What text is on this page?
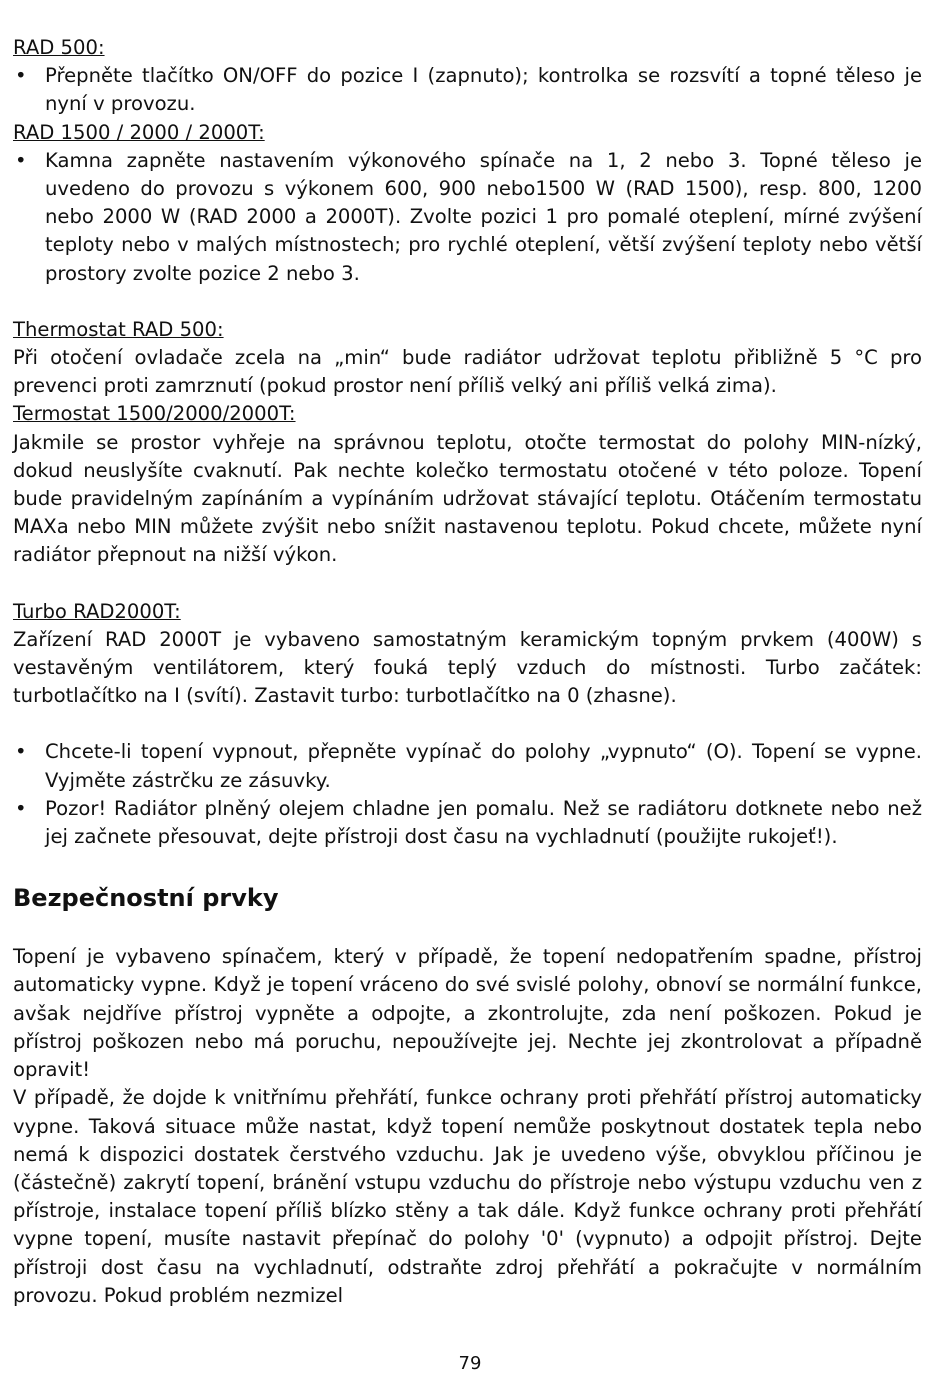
RAD 500:

• Přepněte tlačítko ON/OFF do pozice I (zapnuto); kontrolka se rozsvítí a topné těleso je nyní v provozu.

RAD 1500 / 2000 / 2000T:

• Kamna zapněte nastavením výkonového spínače na 1, 2 nebo 3. Topné těleso je uvedeno do provozu s výkonem 600, 900 nebo1500 W (RAD 1500), resp. 800, 1200 nebo 2000 W (RAD 2000 a 2000T). Zvolte pozici 1 pro pomalé oteplení, mírné zvýšení teploty nebo v malých místnostech; pro rychlé oteplení, větší zvýšení teploty nebo větší prostory zvolte pozice 2 nebo 3.

Thermostat RAD 500:

Při otočení ovladače zcela na „min“ bude radiátor udržovat teplotu přibližně 5 °C pro prevenci proti zamrznutí (pokud prostor není příliš velký ani příliš velká zima).

Termostat 1500/2000/2000T:

Jakmile se prostor vyhřeje na správnou teplotu, otočte termostat do polohy MIN-nízký, dokud neuslyšíte cvaknutí. Pak nechte kolečko termostatu otočené v této poloze. Topení bude pravidelným zapínáním a vypínáním udržovat stávající teplotu. Otáčením termostatu MAXa nebo MIN můžete zvýšit nebo snížit nastavenou teplotu. Pokud chcete, můžete nyní radiátor přepnout na nižší výkon.

Turbo RAD2000T:

Zařízení RAD 2000T je vybaveno samostatným keramickým topným prvkem (400W) s vestavěným ventilátorem, který fouká teplý vzduch do místnosti. Turbo začátek: turbotlačítko na I (svítí). Zastavit turbo: turbotlačítko na 0 (zhasne).

• Chcete-li topení vypnout, přepněte vypínač do polohy „vypnuto“ (O). Topení se vypne. Vyjměte zástrčku ze zásuvky.
• Pozor! Radiátor plněný olejem chladne jen pomalu. Než se radiátoru dotknete nebo než jej začnete přesouvat, dejte přístroji dost času na vychladnutí (použijte rukojeť!).
Bezpečnostní prvky

Topení je vybaveno spínačem, který v případě, že topení nedopatřením spadne, přístroj automaticky vypne. Když je topení vráceno do své svislé polohy, obnoví se normální funkce, avšak nejdříve přístroj vypněte a odpojte, a zkontrolujte, zda není poškozen. Pokud je přístroj poškozen nebo má poruchu, nepoužívejte jej. Nechte jej zkontrolovat a případně opravit!

V případě, že dojde k vnitřnímu přehřátí, funkce ochrany proti přehřátí přístroj automaticky vypne. Taková situace může nastat, když topení nemůže poskytnout dostatek tepla nebo nemá k dispozici dostatek čerstvého vzduchu. Jak je uvedeno výše, obvyklou příčinou je (částečně) zakrytí topení, bránění vstupu vzduchu do přístroje nebo výstupu vzduchu ven z přístroje, instalace topení příliš blízko stěny a tak dále. Když funkce ochrany proti přehřátí vypne topení, musíte nastavit přepínač do polohy '0' (vypnuto) a odpojit přístroj. Dejte přístroji dost času na vychladnutí, odstraňte zdroj přehřátí a pokračujte v normálním provozu. Pokud problém nezmizel

79
